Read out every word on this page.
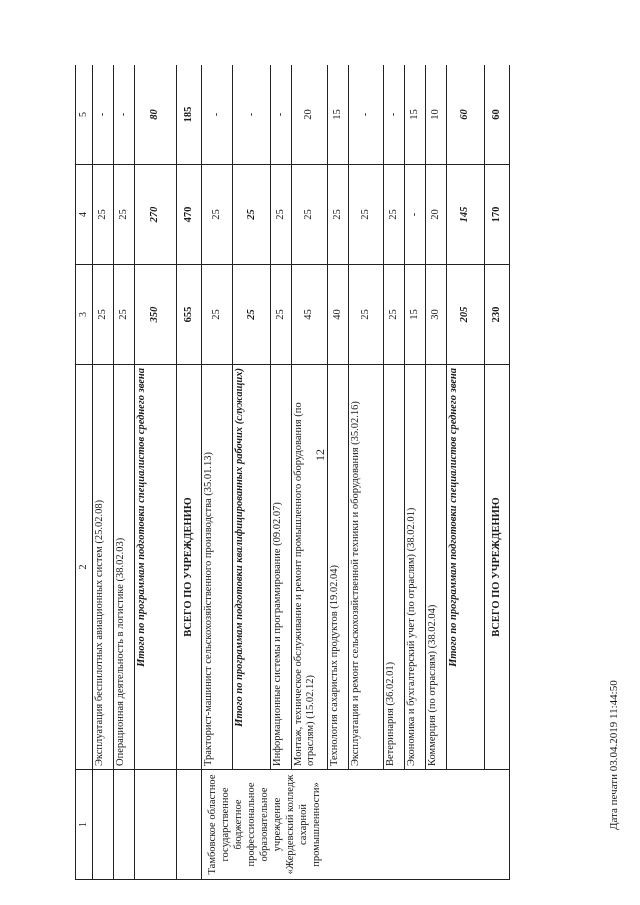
12
Дата печати 03.04.2019 11:44:50
1	2	3	4	5
	Эксплуатация беспилотных авиационных систем (25.02.08)	25	25	-
	Операционная деятельность в логистике (38.02.03)	25	25	-
	Итого по программам подготовки специалистов среднего звена	350	270	80
	ВСЕГО ПО УЧРЕЖДЕНИЮ	655	470	185
Тамбовское областное государственное бюджетное профессиональное образовательное учреждение «Жердевский колледж сахарной промышленности»	Тракторист-машинист сельскохозяйственного производства (35.01.13)	25	25	-
	Итого по программам подготовки квалифицированных рабочих (служащих)	25	25	-
	Информационные системы и программирование (09.02.07)	25	25	-
	Монтаж, техническое обслуживание и ремонт промышленного оборудования (по отраслям) (15.02.12)	45	25	20
	Технология сахаристых продуктов (19.02.04)	40	25	15
	Эксплуатация и ремонт сельскохозяйственной техники и оборудования (35.02.16)	25	25	-
	Ветеринария (36.02.01)	25	25	-
	Экономика и бухгалтерский учет (по отраслям) (38.02.01)	15	-	15
	Коммерция (по отраслям) (38.02.04)	30	20	10
	Итого по программам подготовки специалистов среднего звена	205	145	60
	ВСЕГО ПО УЧРЕЖДЕНИЮ	230	170	60
